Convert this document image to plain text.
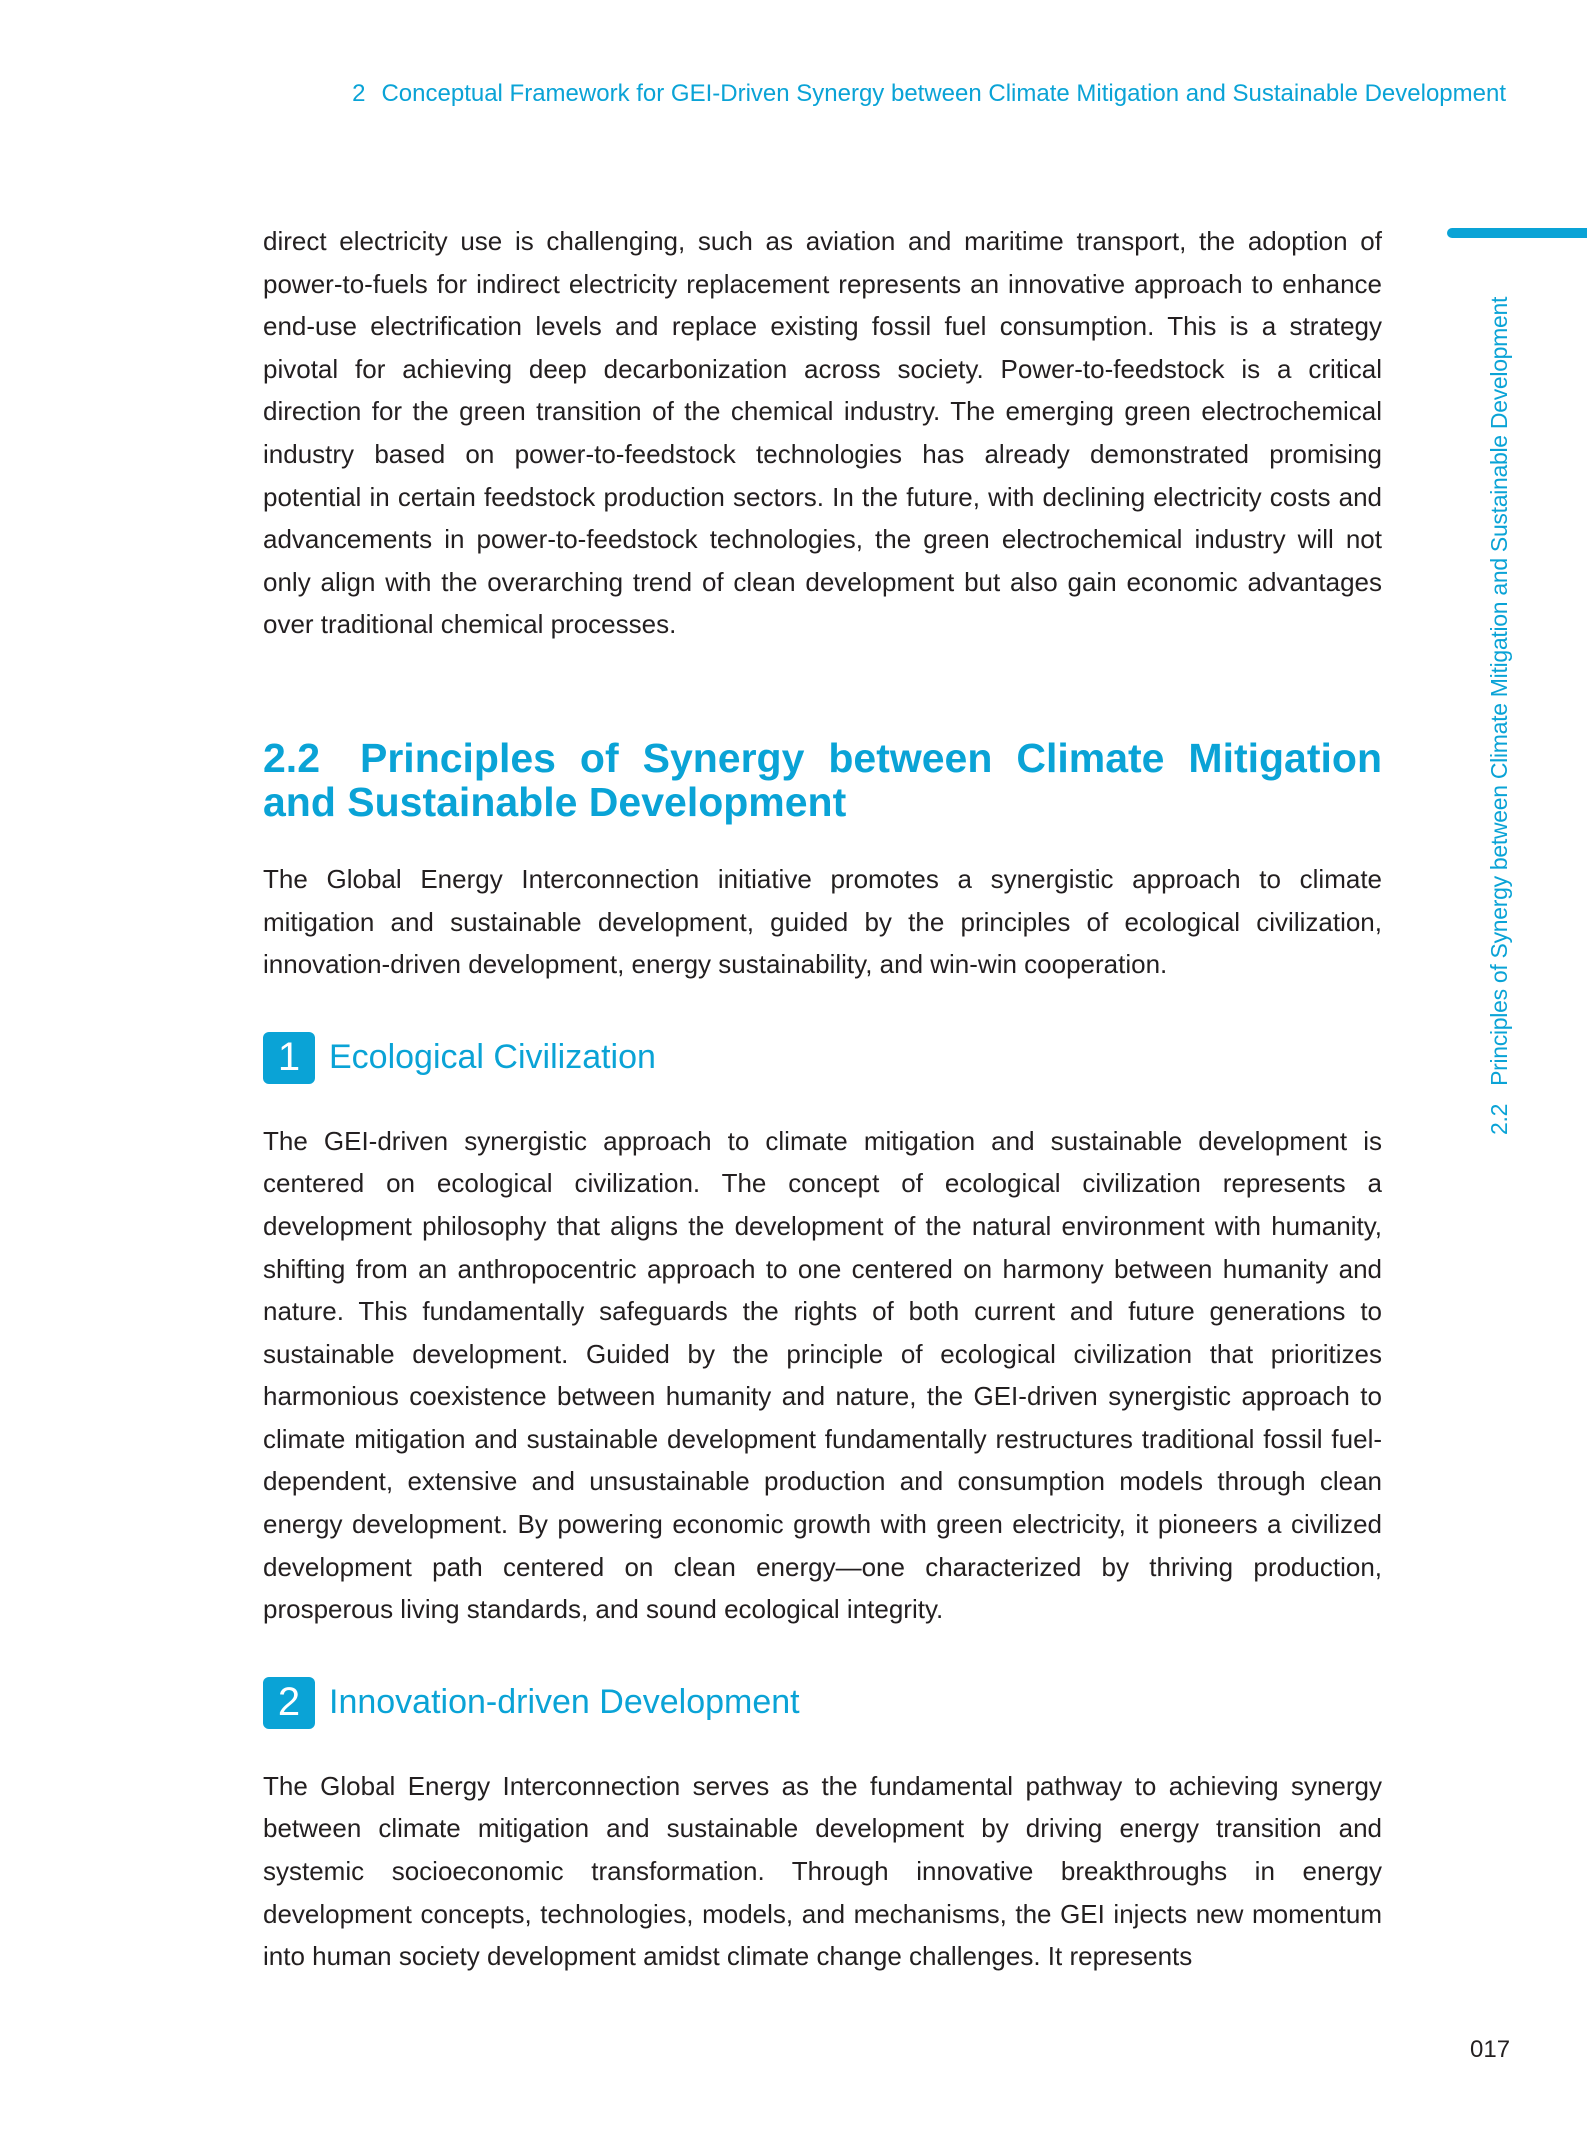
2 Conceptual Framework for GEI-Driven Synergy between Climate Mitigation and Sustainable Development
2.2Principles of Synergy between Climate Mitigation and Sustainable Development

direct electricity use is challenging, such as aviation and maritime transport, the adoption of power-to-fuels for indirect electricity replacement represents an innovative approach to enhance end-use electrification levels and replace existing fossil fuel consumption. This is a strategy pivotal for achieving deep decarbonization across society. Power-to-feedstock is a critical direction for the green transition of the chemical industry. The emerging green electrochemical industry based on power-to-feedstock technologies has already demonstrated promising potential in certain feedstock production sectors. In the future, with declining electricity costs and advancements in power-to-feedstock technologies, the green electrochemical industry will not only align with the overarching trend of clean development but also gain economic advantages over traditional chemical processes.

2.2 Principles of Synergy between Climate Mitigation and Sustainable Development

The Global Energy Interconnection initiative promotes a synergistic approach to climate mitigation and sustainable development, guided by the principles of ecological civilization, innovation-driven development, energy sustainability, and win-win cooperation.

1 Ecological Civilization

The GEI-driven synergistic approach to climate mitigation and sustainable development is centered on ecological civilization. The concept of ecological civilization represents a development philosophy that aligns the development of the natural environment with humanity, shifting from an anthropocentric approach to one centered on harmony between humanity and nature. This fundamentally safeguards the rights of both current and future generations to sustainable development. Guided by the principle of ecological civilization that prioritizes harmonious coexistence between humanity and nature, the GEI-driven synergistic approach to climate mitigation and sustainable development fundamentally restructures traditional fossil fuel-dependent, extensive and unsustainable production and consumption models through clean energy development. By powering economic growth with green electricity, it pioneers a civilized development path centered on clean energy—one characterized by thriving production, prosperous living standards, and sound ecological integrity.

2 Innovation-driven Development

The Global Energy Interconnection serves as the fundamental pathway to achieving synergy between climate mitigation and sustainable development by driving energy transition and systemic socioeconomic transformation. Through innovative breakthroughs in energy development concepts, technologies, models, and mechanisms, the GEI injects new momentum into human society development amidst climate change challenges. It represents

017
